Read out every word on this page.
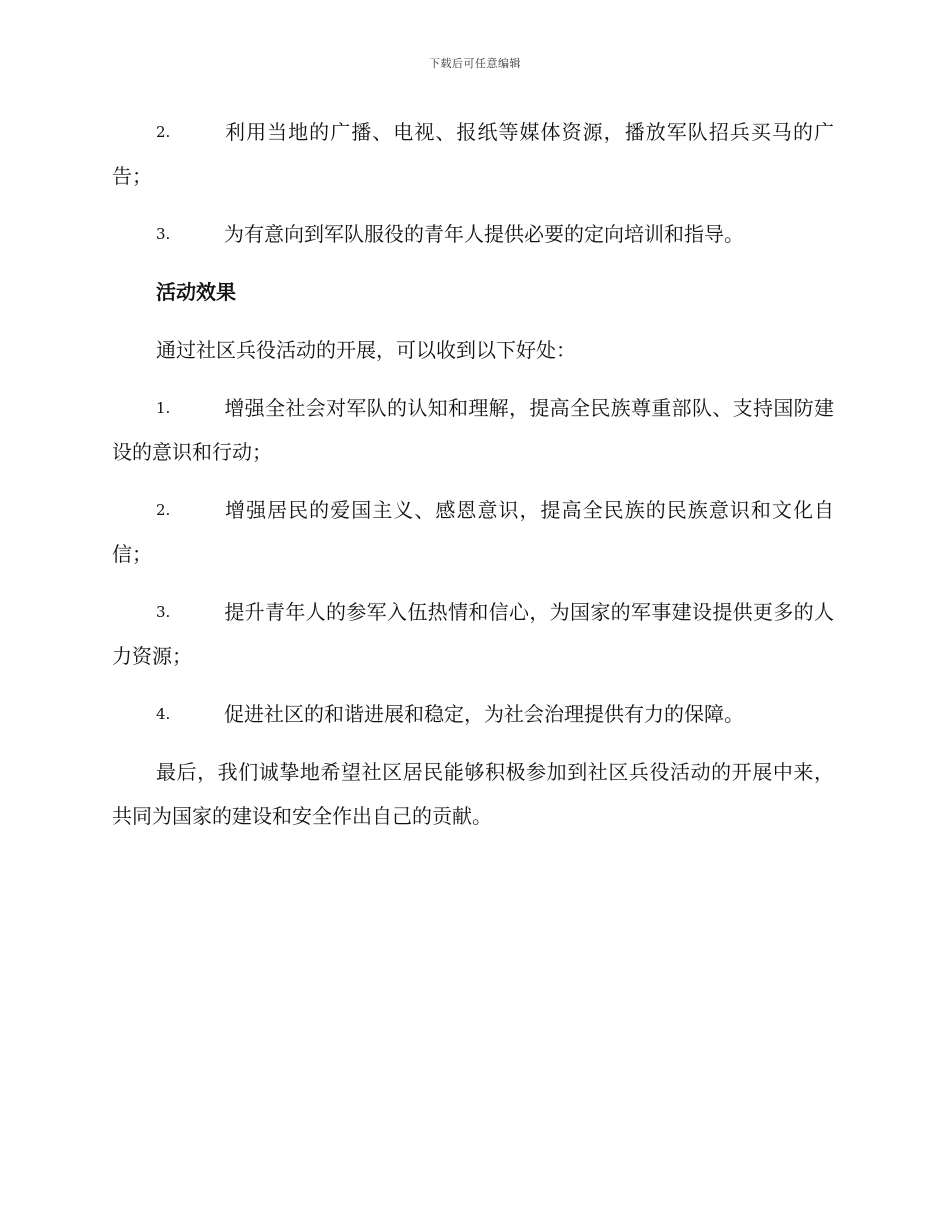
下载后可任意编辑
2.	利用当地的广播、电视、报纸等媒体资源，播放军队招兵买马的广告；
3.	为有意向到军队服役的青年人提供必要的定向培训和指导。
活动效果
通过社区兵役活动的开展，可以收到以下好处：
1.	增强全社会对军队的认知和理解，提高全民族尊重部队、支持国防建设的意识和行动；
2.	增强居民的爱国主义、感恩意识，提高全民族的民族意识和文化自信；
3.	提升青年人的参军入伍热情和信心，为国家的军事建设提供更多的人力资源；
4.	促进社区的和谐进展和稳定，为社会治理提供有力的保障。
最后，我们诚挚地希望社区居民能够积极参加到社区兵役活动的开展中来，共同为国家的建设和安全作出自己的贡献。
